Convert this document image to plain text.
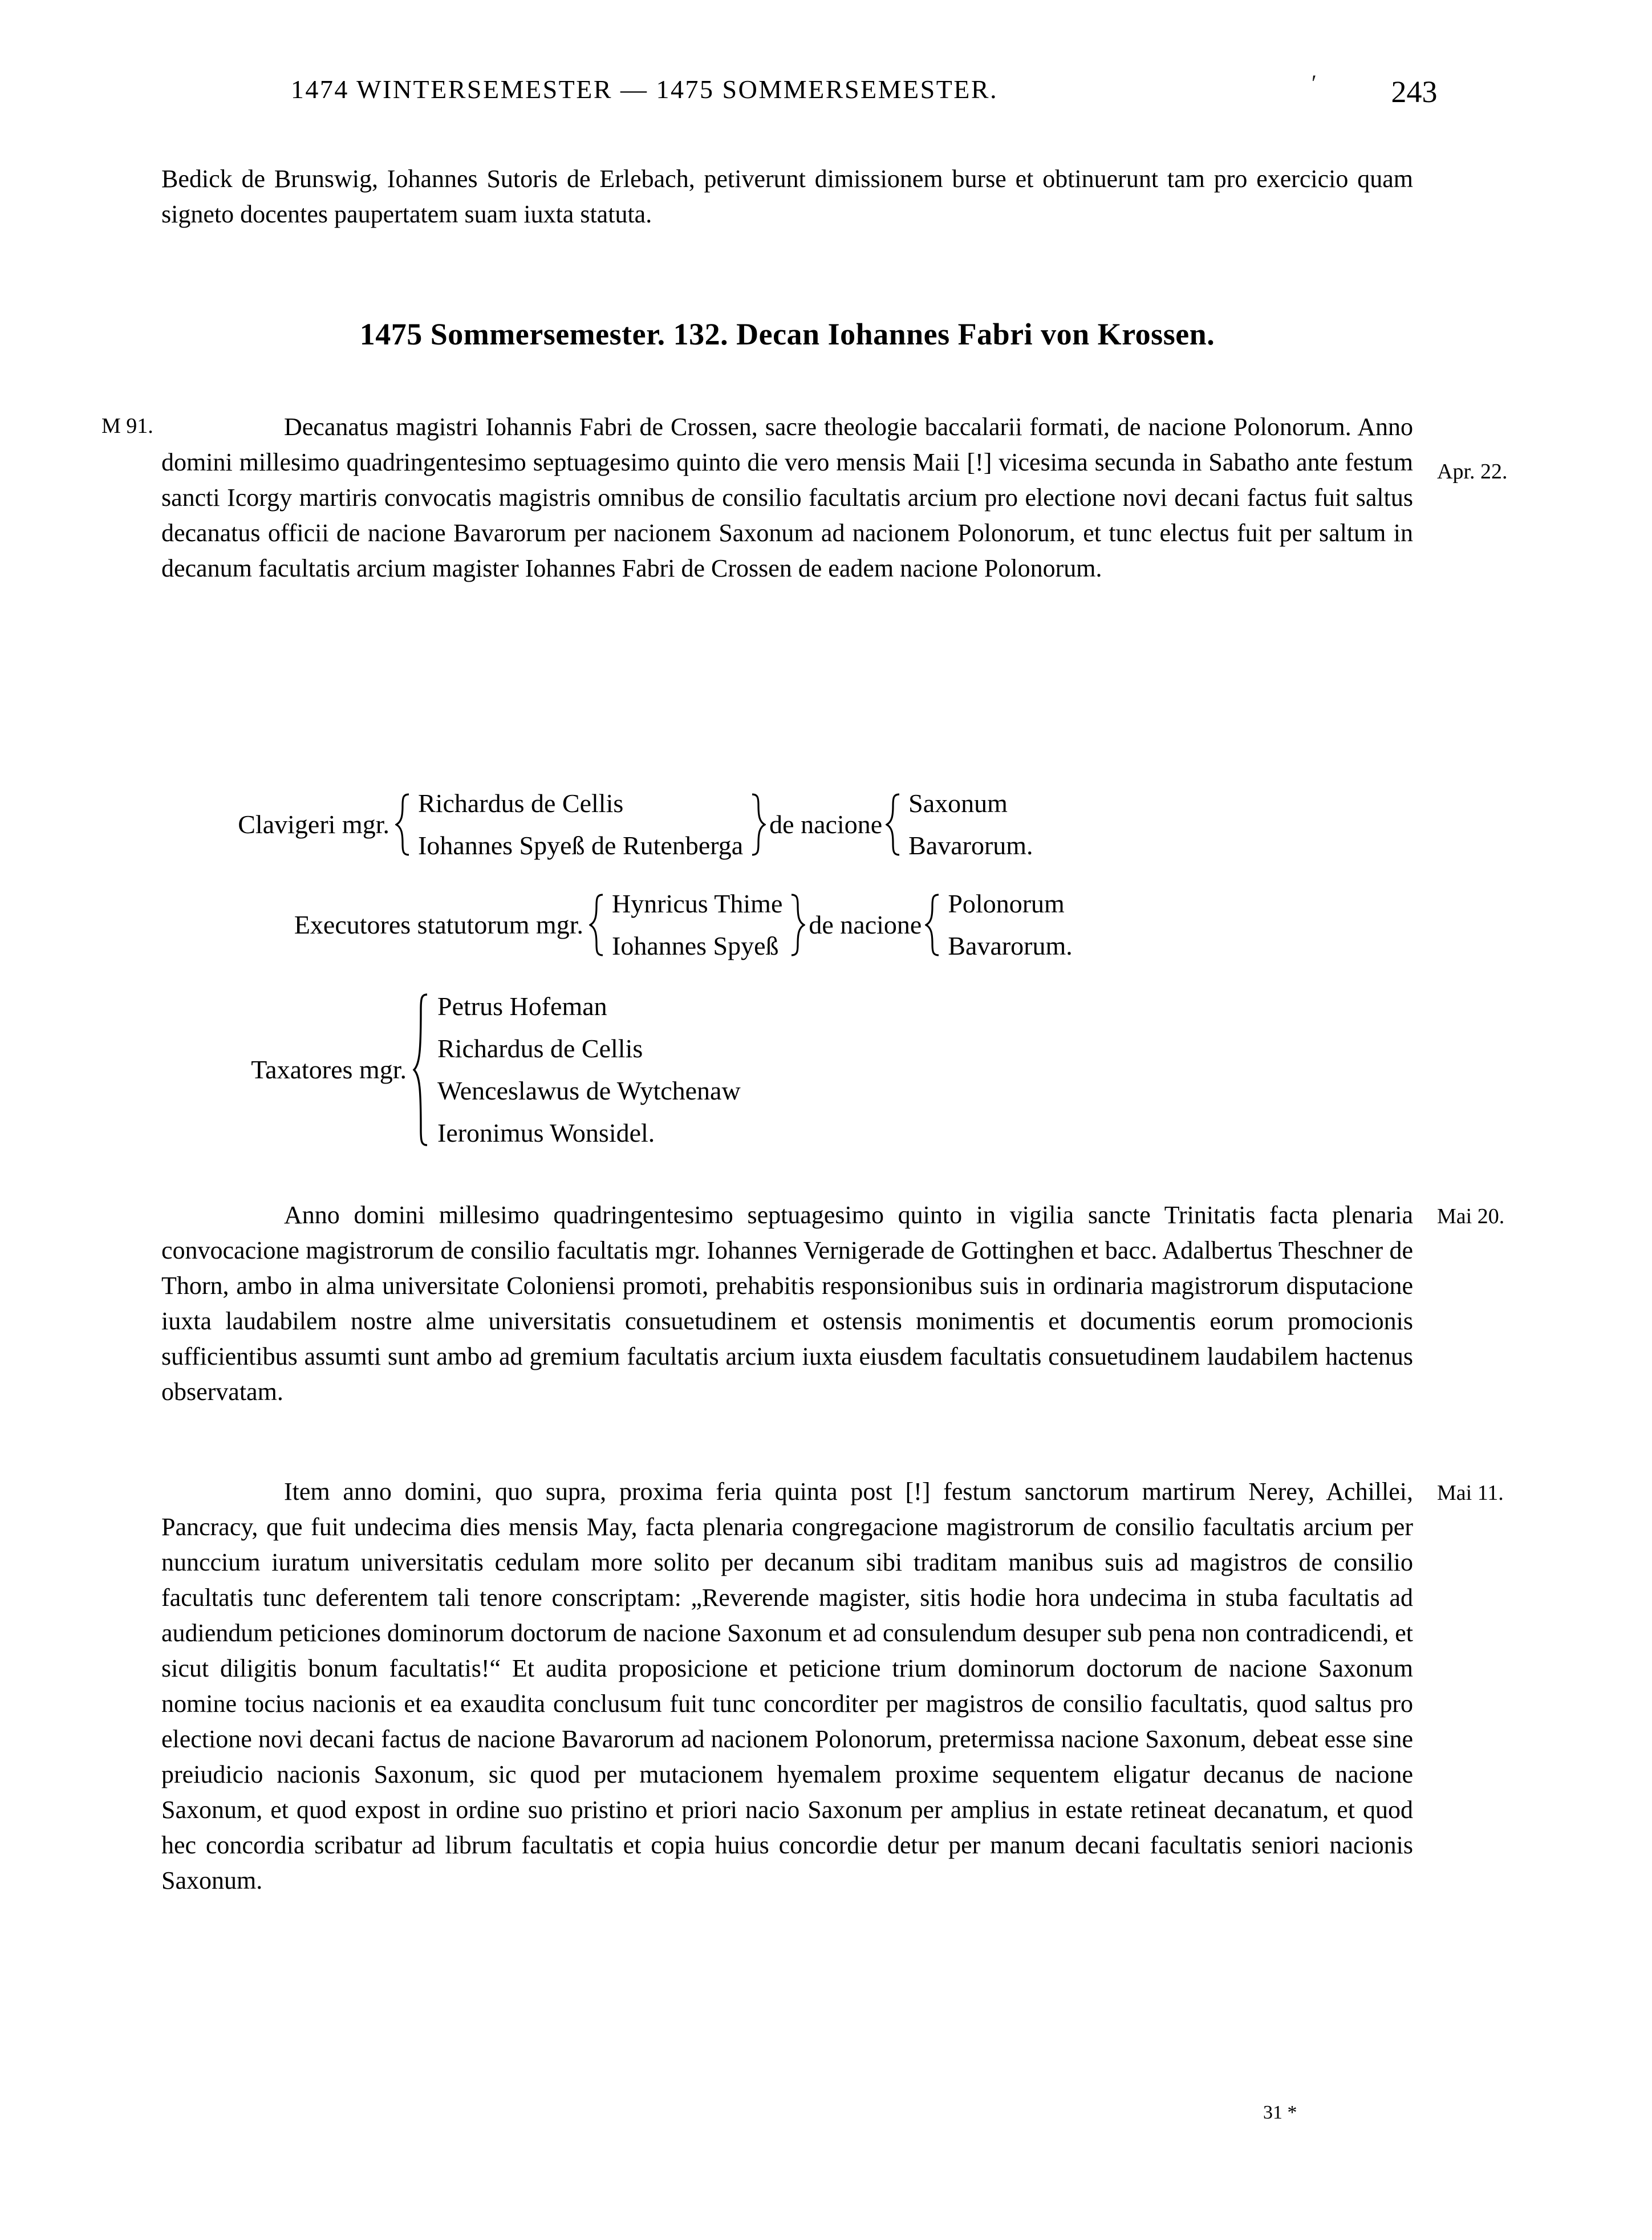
1474 WINTERSEMESTER — 1475 SOMMERSEMESTER.	′	243

Bedick de Brunswig, Iohannes Sutoris de Erlebach, petiverunt dimissionem burse et obtinuerunt tam pro exercicio quam signeto docentes paupertatem suam iuxta statuta.

1475 Sommersemester. 132. Decan Iohannes Fabri von Krossen.
M 91.
Apr. 22.

Decanatus magistri Iohannis Fabri de Crossen, sacre theologie baccalarii formati, de nacione Polonorum. Anno domini millesimo quadringentesimo septuagesimo quinto die vero mensis Maii [!] vicesima secunda in Sabatho ante festum sancti Icorgy martiris convocatis magistris omnibus de consilio facultatis arcium pro electione novi decani factus fuit saltus decanatus officii de nacione Bavarorum per nacionem Saxonum ad nacionem Polonorum, et tunc electus fuit per saltum in decanum facultatis arcium magister Iohannes Fabri de Crossen de eadem nacione Polonorum.

Clavigeri mgr.
Richardus de Cellis
Iohannes Spyeß de Rutenberga
de nacione
Saxonum
Bavarorum.
Executores statutorum mgr.
Hynricus Thime
Iohannes Spyeß
de nacione
Polonorum
Bavarorum.
Taxatores mgr.
Petrus Hofeman
Richardus de Cellis
Wenceslawus de Wytchenaw
Ieronimus Wonsidel.
Mai 20.

Anno domini millesimo quadringentesimo septuagesimo quinto in vigilia sancte Trinitatis facta plenaria convocacione magistrorum de consilio facultatis mgr. Iohannes Vernigerade de Gottinghen et bacc. Adalbertus Theschner de Thorn, ambo in alma universitate Coloniensi promoti, prehabitis responsionibus suis in ordinaria magistrorum disputacione iuxta laudabilem nostre alme universitatis consuetudinem et ostensis monimentis et documentis eorum promocionis sufficientibus assumti sunt ambo ad gremium facultatis arcium iuxta eiusdem facultatis consuetudinem laudabilem hactenus observatam.

Mai 11.

Item anno domini, quo supra, proxima feria quinta post [!] festum sanctorum martirum Nerey, Achillei, Pancracy, que fuit undecima dies mensis May, facta plenaria congregacione magistrorum de consilio facultatis arcium per nunccium iuratum universitatis cedulam more solito per decanum sibi traditam manibus suis ad magistros de consilio facultatis tunc deferentem tali tenore conscriptam: „Reverende magister, sitis hodie hora undecima in stuba facultatis ad audiendum peticiones dominorum doctorum de nacione Saxonum et ad consulendum desuper sub pena non contradicendi, et sicut diligitis bonum facultatis!“ Et audita proposicione et peticione trium dominorum doctorum de nacione Saxonum nomine tocius nacionis et ea exaudita conclusum fuit tunc concorditer per magistros de consilio facultatis, quod saltus pro electione novi decani factus de nacione Bavarorum ad nacionem Polonorum, pretermissa nacione Saxonum, debeat esse sine preiudicio nacionis Saxonum, sic quod per mutacionem hyemalem proxime sequentem eligatur decanus de nacione Saxonum, et quod expost in ordine suo pristino et priori nacio Saxonum per amplius in estate retineat decanatum, et quod hec concordia scribatur ad librum facultatis et copia huius concordie detur per manum decani facultatis seniori nacionis Saxonum.

31 *
